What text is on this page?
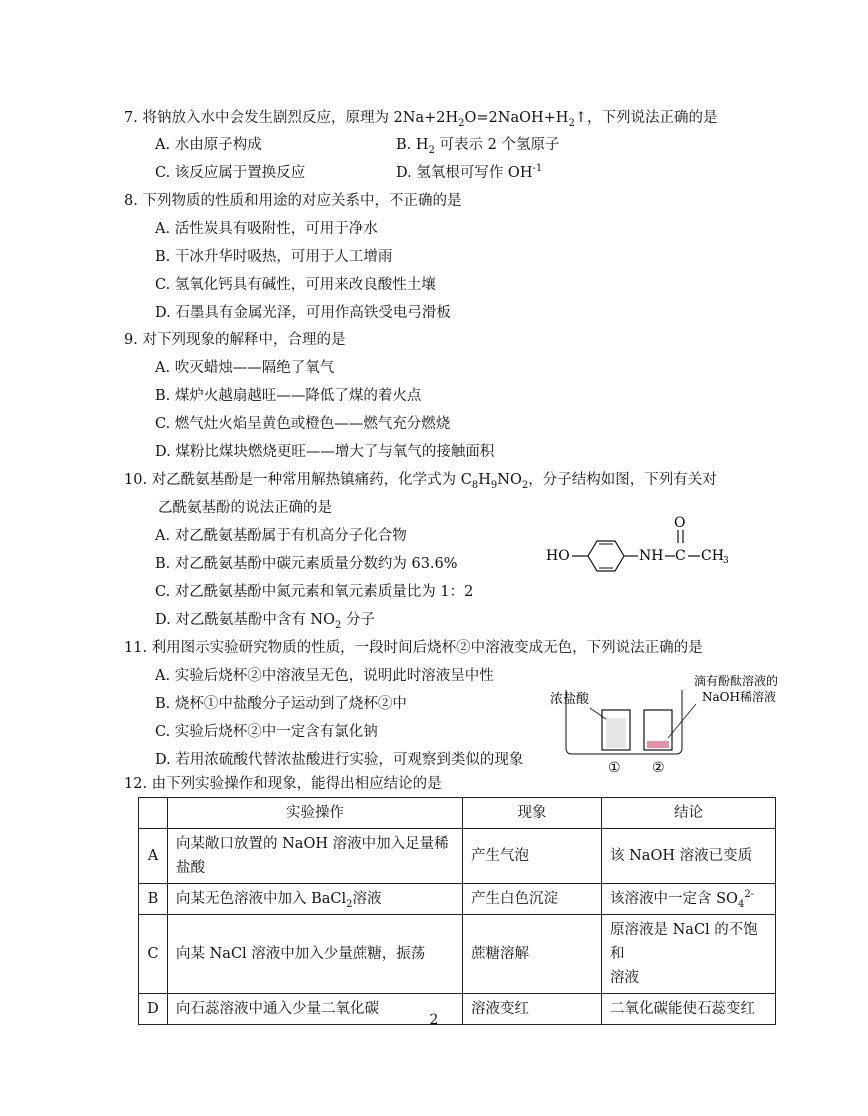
7. 将钠放入水中会发生剧烈反应，原理为 $2Na+2H_2O=2NaOH+H_2↑$，下列说法正确的是
A. 水由原子构成	B. $H_2$ 可表示 2 个氢原子
C. 该反应属于置换反应	D. 氢氧根可写作 $OH^{-1}$
8. 下列物质的性质和用途的对应关系中，不正确的是
A. 活性炭具有吸附性，可用于净水
B. 干冰升华时吸热，可用于人工增雨
C. 氢氧化钙具有碱性，可用来改良酸性土壤
D. 石墨具有金属光泽，可用作高铁受电弓滑板
9. 对下列现象的解释中，合理的是
A. 吹灭蜡烛——隔绝了氧气
B. 煤炉火越扇越旺——降低了煤的着火点
C. 燃气灶火焰呈黄色或橙色——燃气充分燃烧
D. 煤粉比煤块燃烧更旺——增大了与氧气的接触面积
10. 对乙酰氨基酚是一种常用解热镇痛药，化学式为 $C_8H_9NO_2$，分子结构如图，下列有关对
乙酰氨基酚的说法正确的是
A. 对乙酰氨基酚属于有机高分子化合物
B. 对乙酰氨基酚中碳元素质量分数约为 63.6%
C. 对乙酰氨基酚中氮元素和氧元素质量比为 1：2
D. 对乙酰氨基酚中含有 $NO_2$ 分子
HO	NH C
O
CH 3
11. 利用图示实验研究物质的性质，一段时间后烧杯②中溶液变成无色，下列说法正确的是
A. 实验后烧杯②中溶液呈无色，说明此时溶液呈中性
B. 烧杯①中盐酸分子运动到了烧杯②中
C. 实验后烧杯②中一定含有氯化钠
D. 若用浓硫酸代替浓盐酸进行实验，可观察到类似的现象
浓盐酸
滴有酚酞溶液的
NaOH稀溶液
① ②
12. 由下列实验操作和现象，能得出相应结论的是
	实验操作	现象	结论
A	向某敞口放置的 NaOH 溶液中加入足量稀
盐酸	产生气泡	该 NaOH 溶液已变质
B	向某无色溶液中加入 BaCl$_2$溶液	产生白色沉淀	该溶液中一定含 $SO_4^{2-}$
C	向某 NaCl 溶液中加入少量蔗糖，振荡	蔗糖溶解	原溶液是 NaCl 的不饱和
溶液

D	向石蕊溶液中通入少量二氧化碳	溶液变红	二氧化碳能使石蕊变红
2
